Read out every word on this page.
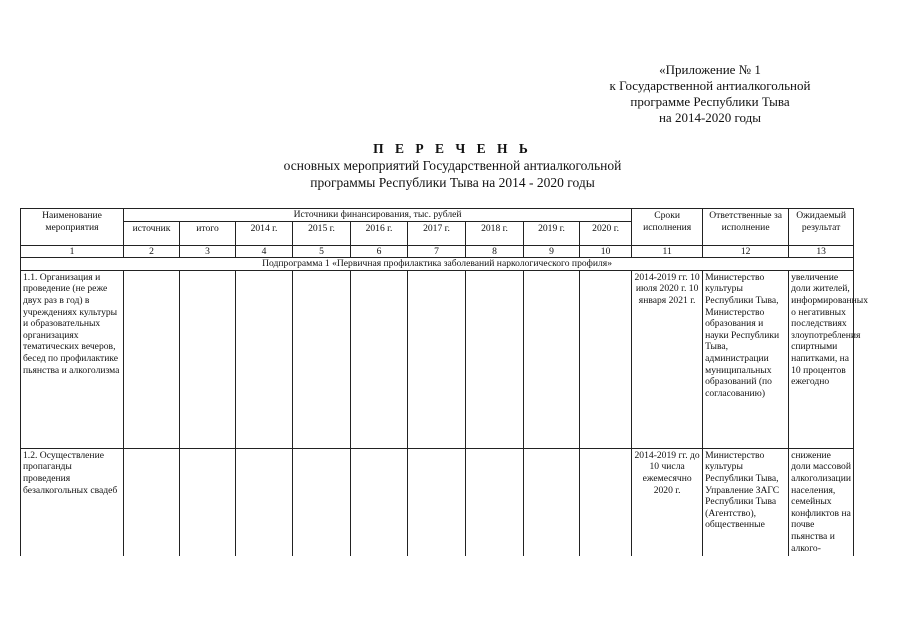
«Приложение № 1
к Государственной антиалкогольной
программе Республики Тыва
на 2014-2020 годы
П Е Р Е Ч Е Н Ь
основных мероприятий Государственной антиалкогольной
программы Республики Тыва на 2014 - 2020 годы
Наименование мероприятия	Источники финансирования, тыс. рублей									Сроки исполнения	Ответственные за исполнение	Ожидаемый результат
	источник	итого	2014 г.	2015 г.	2016 г.	2017 г.	2018 г.	2019 г.	2020 г.			
1	2	3	4	5	6	7	8	9	10	11	12	13
Подпрограмма 1 «Первичная профилактика заболеваний наркологического профиля»												
1.1. Организация и проведение (не реже двух раз в год) в учреждениях культуры и образовательных организациях тематических вечеров, бесед по профилактике пьянства и алкоголизма										2014-2019 гг. 10 июля 2020 г. 10 января 2021 г.	Министерство культуры Республики Тыва, Министерство образования и науки Республики Тыва, администрации муниципальных образований (по согласованию)	увеличение доли жителей, информированных о негативных последствиях злоупотребления спиртными напитками, на 10 процентов ежегодно
1.2. Осуществление пропаганды проведения безалкогольных свадеб										2014-2019 гг. до 10 числа ежемесячно 2020 г.	Министерство культуры Республики Тыва, Управление ЗАГС Республики Тыва (Агентство), общественные	снижение доли массовой алкоголизации населения, семейных конфликтов на почве пьянства и алкого-
